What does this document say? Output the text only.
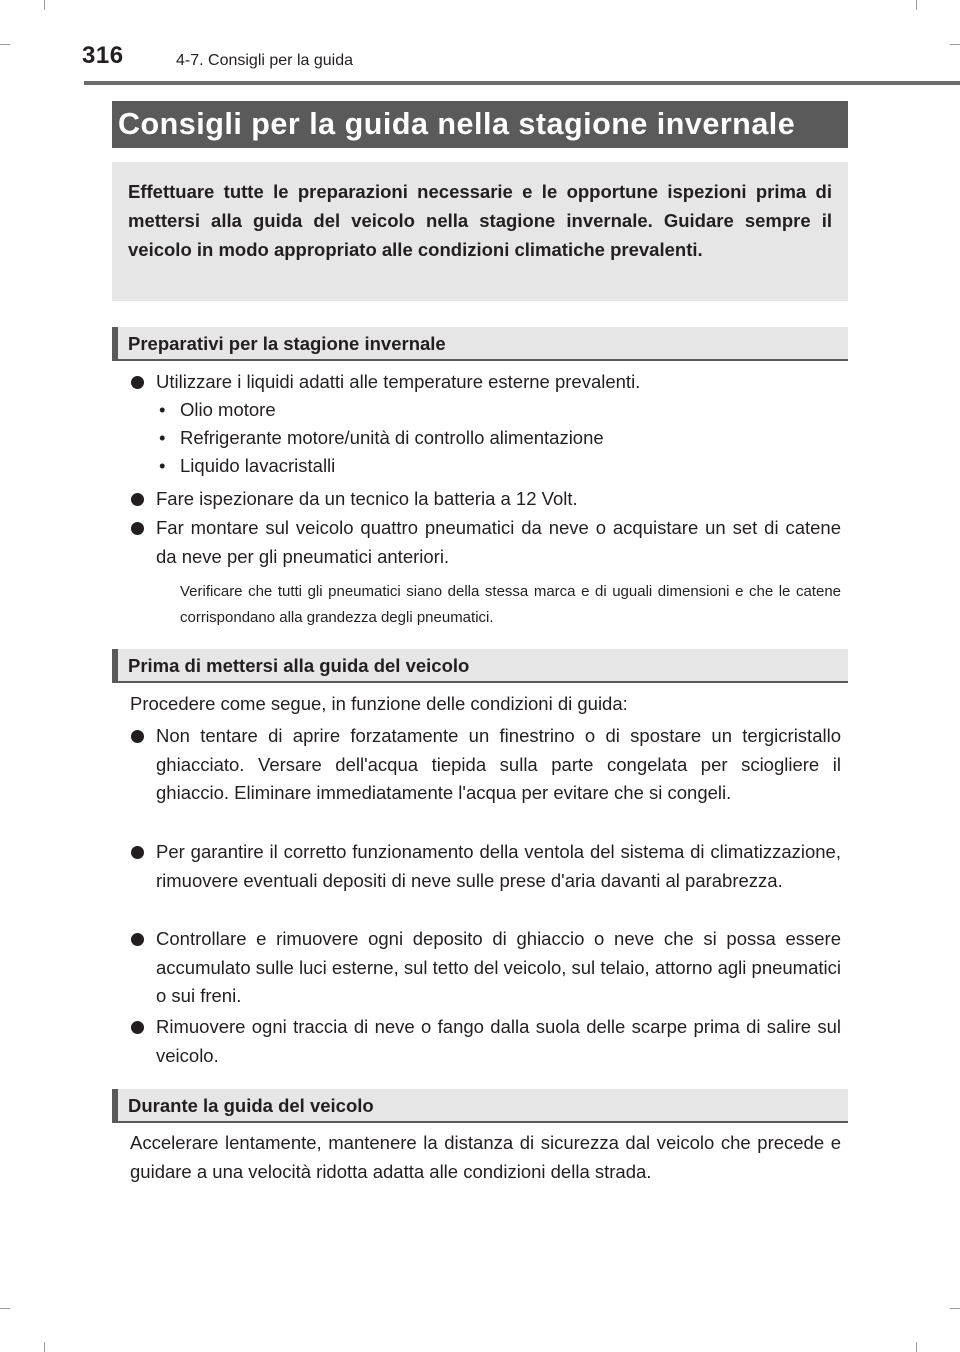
316	4-7. Consigli per la guida
Consigli per la guida nella stagione invernale

Effettuare tutte le preparazioni necessarie e le opportune ispezioni prima di mettersi alla guida del veicolo nella stagione invernale. Guidare sempre il veicolo in modo appropriato alle condizioni climatiche prevalenti.

Preparativi per la stagione invernale
Utilizzare i liquidi adatti alle temperature esterne prevalenti.
• Olio motore
• Refrigerante motore/unità di controllo alimentazione
• Liquido lavacristalli
Fare ispezionare da un tecnico la batteria a 12 Volt.
Far montare sul veicolo quattro pneumatici da neve o acquistare un set di catene da neve per gli pneumatici anteriori.
Verificare che tutti gli pneumatici siano della stessa marca e di uguali dimensioni e che le catene corrispondano alla grandezza degli pneumatici.
Prima di mettersi alla guida del veicolo
Procedere come segue, in funzione delle condizioni di guida:
Non tentare di aprire forzatamente un finestrino o di spostare un tergicristallo ghiacciato. Versare dell'acqua tiepida sulla parte congelata per sciogliere il ghiaccio. Eliminare immediatamente l'acqua per evitare che si congeli.
Per garantire il corretto funzionamento della ventola del sistema di climatizzazione, rimuovere eventuali depositi di neve sulle prese d'aria davanti al parabrezza.
Controllare e rimuovere ogni deposito di ghiaccio o neve che si possa essere accumulato sulle luci esterne, sul tetto del veicolo, sul telaio, attorno agli pneumatici o sui freni.
Rimuovere ogni traccia di neve o fango dalla suola delle scarpe prima di salire sul veicolo.
Durante la guida del veicolo
Accelerare lentamente, mantenere la distanza di sicurezza dal veicolo che precede e guidare a una velocità ridotta adatta alle condizioni della strada.
